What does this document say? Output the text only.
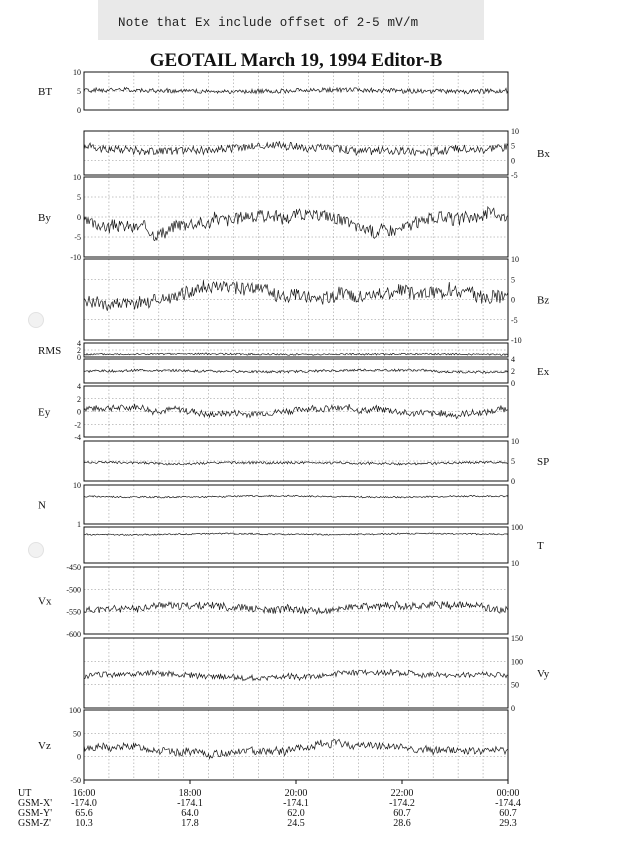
Note that Ex include offset of 2-5 mV/m
GEOTAIL March 19, 1994 Editor-B
10
5
0
BT
10
5
0
-5
Bx
10
5
0
-5
-10
By
10
5
0
-5
-10
Bz
4
2
0
RMS
4
2
0
Ex
4
2
0
-2
-4
Ey
10
5
0
SP
10
1
N
100
10
T
-450
-500
-550
-600
Vx
150
100
50
0
Vy
100
50
0
-50
Vz
UT	16:00	18:00	20:00	22:00	00:00
GSM-X' -174.0	-174.1	-174.1	-174.2	-174.4
GSM-Y' 65.6	64.0	62.0	60.7	60.7
GSM-Z' 10.3	17.8	24.5	28.6	29.3
